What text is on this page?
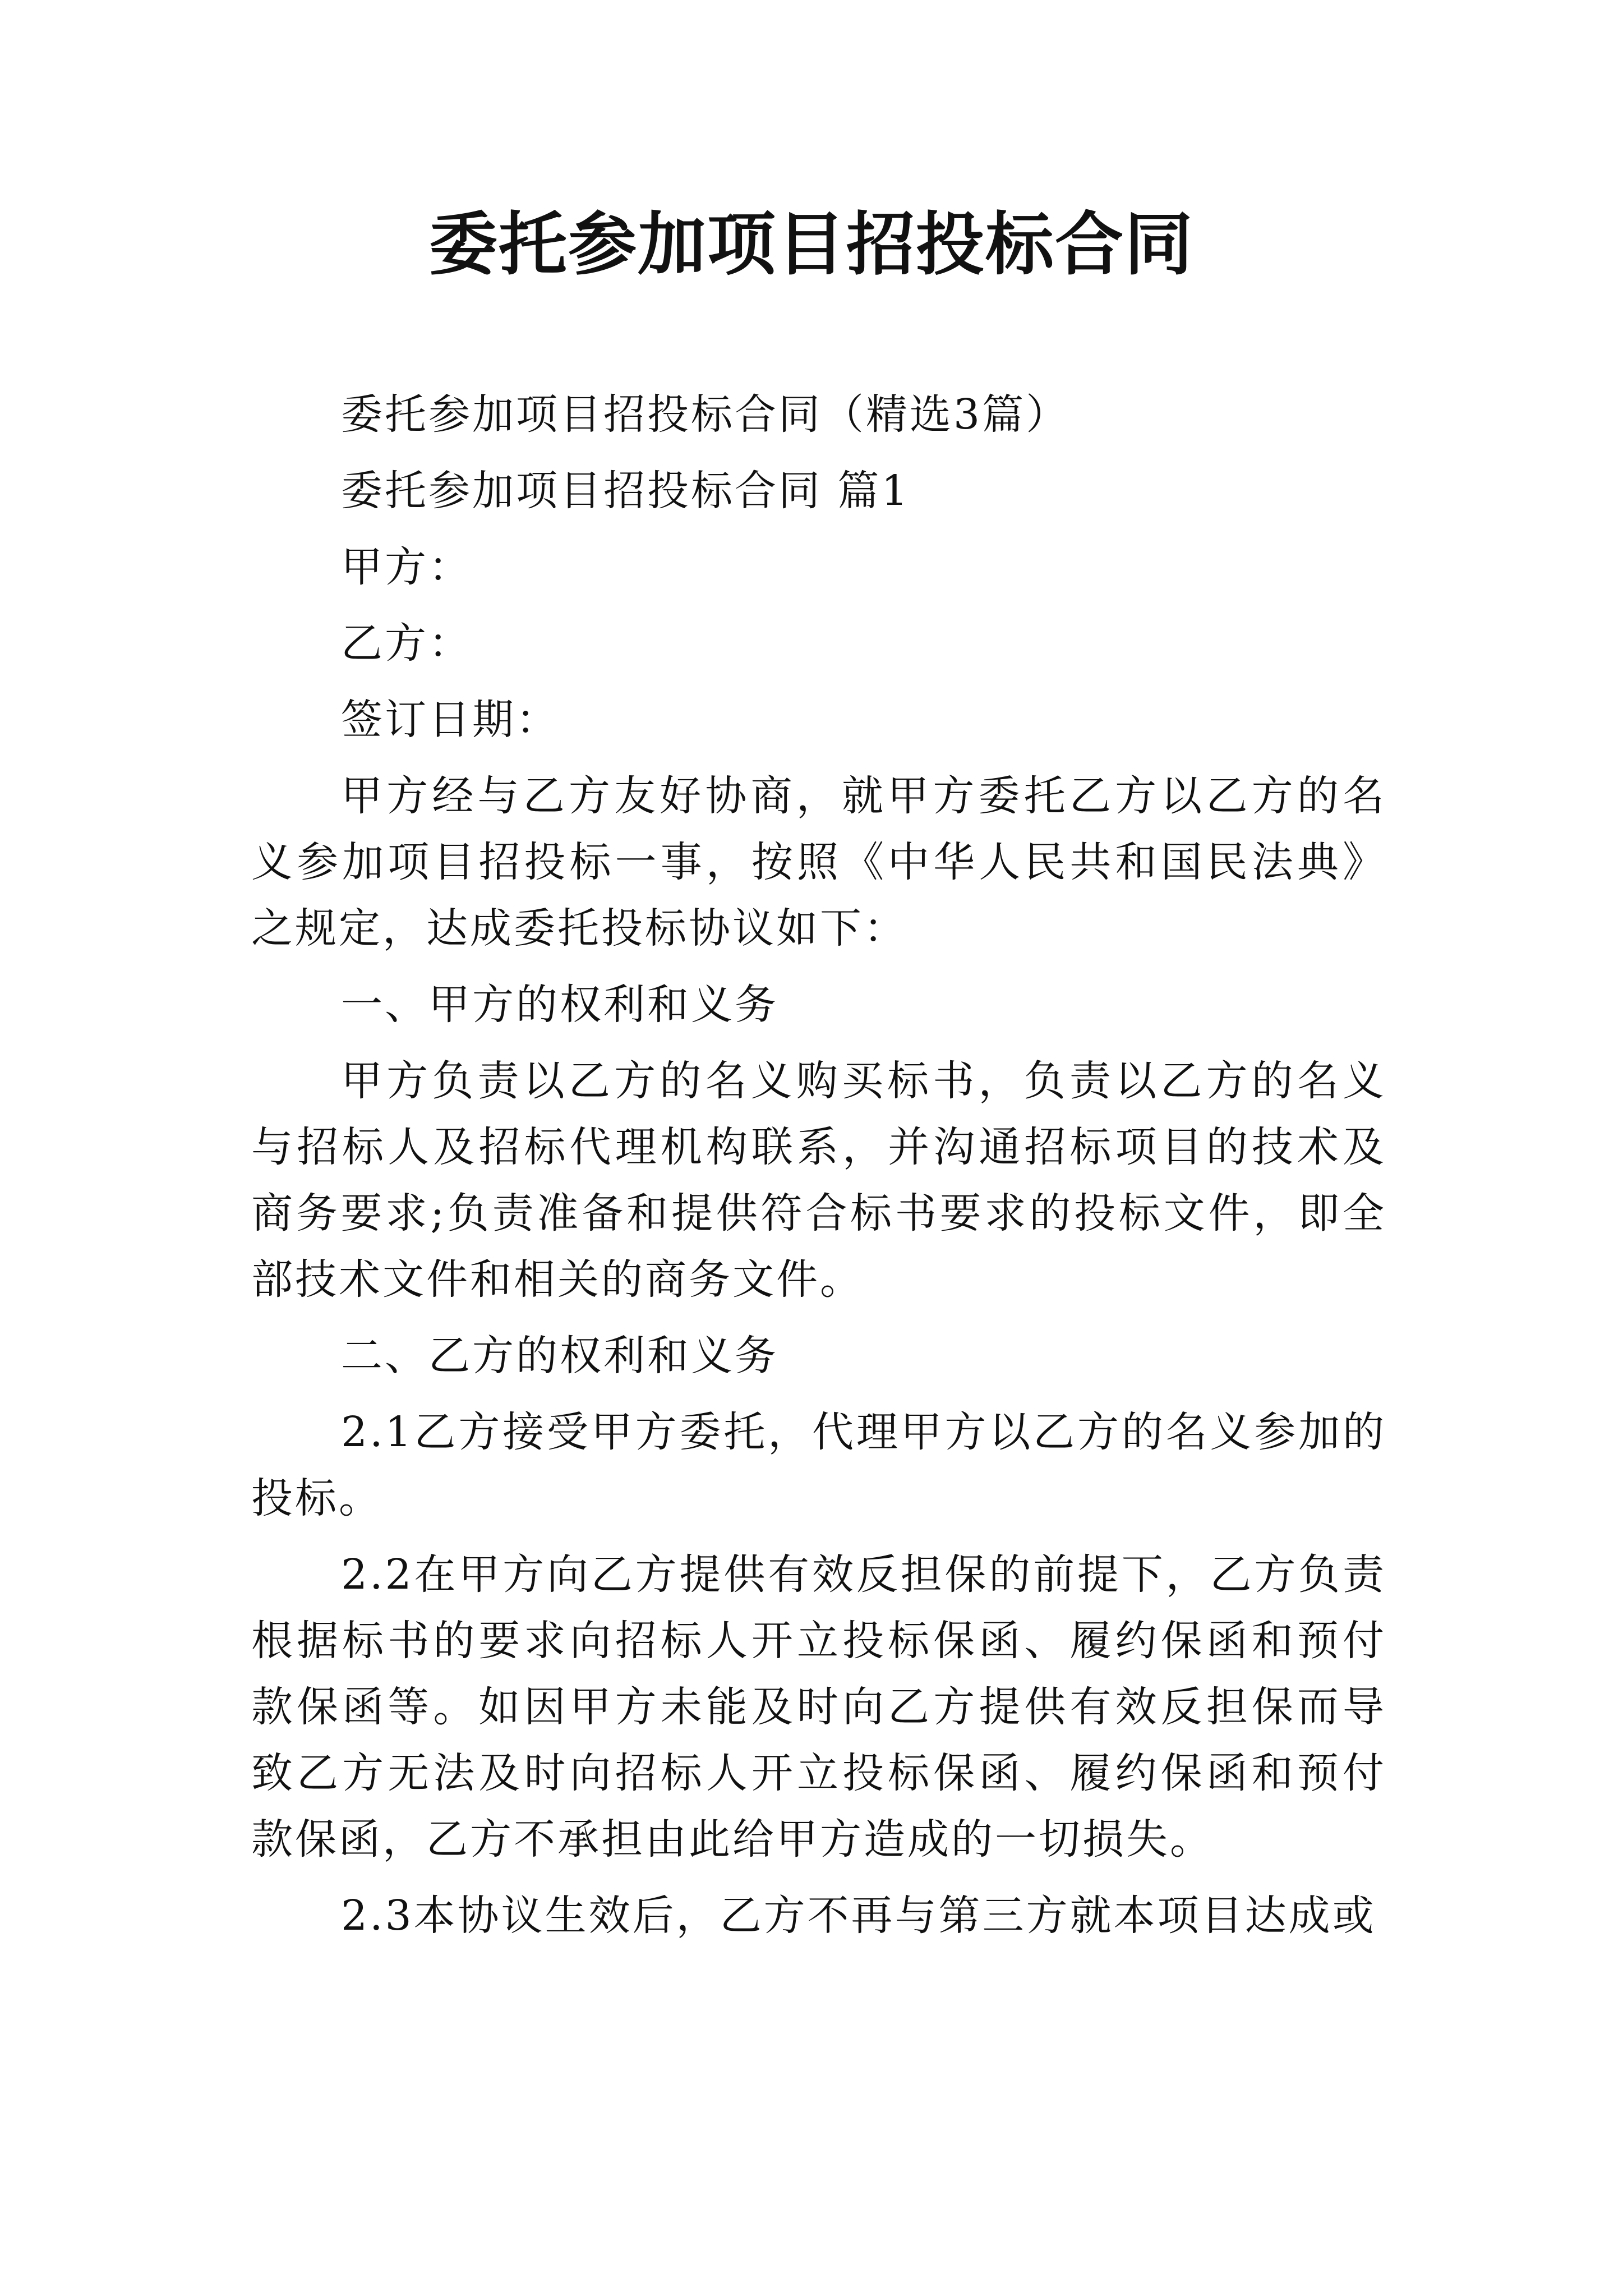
委托参加项目招投标合同

委托参加项目招投标合同（精选3篇）

委托参加项目招投标合同 篇1

甲方：

乙方：

签订日期：

甲方经与乙方友好协商，就甲方委托乙方以乙方的名义参加项目招投标一事，按照《中华人民共和国民法典》之规定，达成委托投标协议如下：

一、甲方的权利和义务

甲方负责以乙方的名义购买标书，负责以乙方的名义与招标人及招标代理机构联系，并沟通招标项目的技术及商务要求;负责准备和提供符合标书要求的投标文件，即全部技术文件和相关的商务文件。

二、乙方的权利和义务

2.1乙方接受甲方委托，代理甲方以乙方的名义参加的投标。

2.2在甲方向乙方提供有效反担保的前提下，乙方负责根据标书的要求向招标人开立投标保函、履约保函和预付款保函等。如因甲方未能及时向乙方提供有效反担保而导致乙方无法及时向招标人开立投标保函、履约保函和预付款保函，乙方不承担由此给甲方造成的一切损失。

2.3本协议生效后，乙方不再与第三方就本项目达成或
